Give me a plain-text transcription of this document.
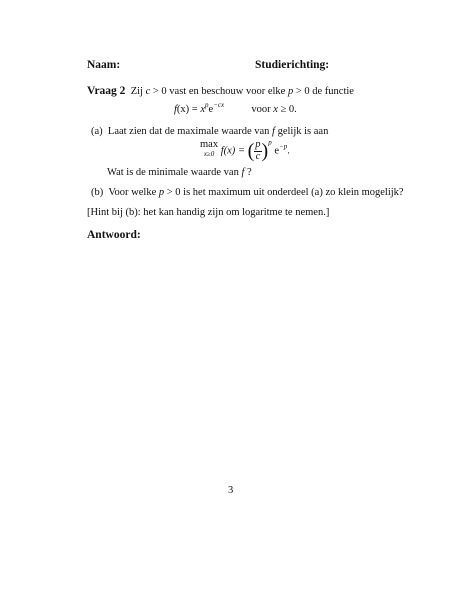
Naam:	Studierichting:
Vraag 2 Zij c > 0 vast en beschouw voor elke p > 0 de functie
$f(x) = x^pe^{-cx}$	voor x ≥ 0.
(a) Laat zien dat de maximale waarde van f gelijk is aan
max
x≥0 f(x) = ( $\frac{p}{c} )^p$ $e^{-p}$.
Wat is de minimale waarde van f ?
(b) Voor welke p > 0 is het maximum uit onderdeel (a) zo klein mogelijk?
[Hint bij (b): het kan handig zijn om logaritme te nemen.]
Antwoord:
3
